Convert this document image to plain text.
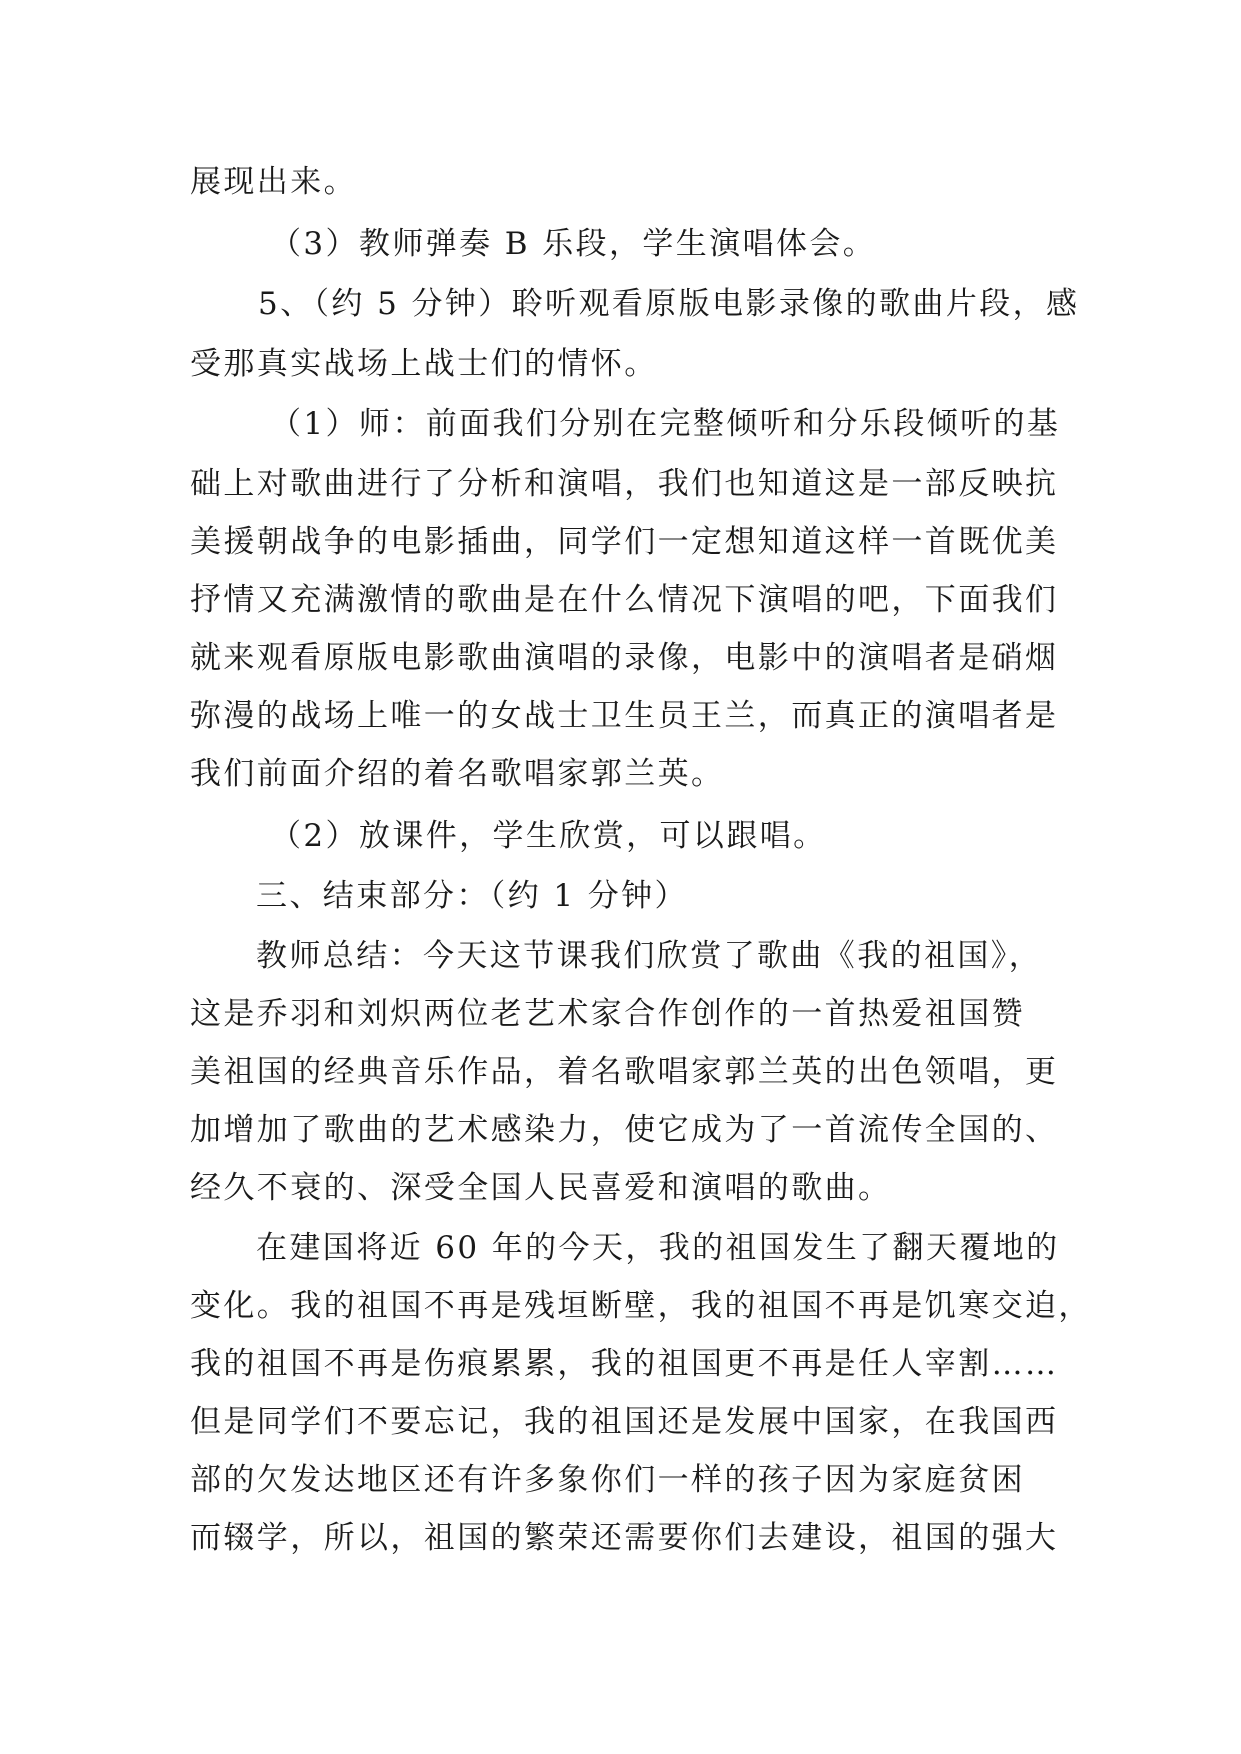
展现出来。
（3）教师弹奏 B 乐段，学生演唱体会。
5、（约 5 分钟）聆听观看原版电影录像的歌曲片段，感
受那真实战场上战士们的情怀。
（1）师：前面我们分别在完整倾听和分乐段倾听的基
础上对歌曲进行了分析和演唱，我们也知道这是一部反映抗
美援朝战争的电影插曲，同学们一定想知道这样一首既优美
抒情又充满激情的歌曲是在什么情况下演唱的吧，下面我们
就来观看原版电影歌曲演唱的录像，电影中的演唱者是硝烟
弥漫的战场上唯一的女战士卫生员王兰，而真正的演唱者是
我们前面介绍的着名歌唱家郭兰英。
（2）放课件，学生欣赏，可以跟唱。
三、结束部分：（约 1 分钟）
教师总结：今天这节课我们欣赏了歌曲《我的祖国》，
这是乔羽和刘炽两位老艺术家合作创作的一首热爱祖国赞
美祖国的经典音乐作品，着名歌唱家郭兰英的出色领唱，更
加增加了歌曲的艺术感染力，使它成为了一首流传全国的、
经久不衰的、深受全国人民喜爱和演唱的歌曲。
在建国将近 60 年的今天，我的祖国发生了翻天覆地的
变化。我的祖国不再是残垣断壁，我的祖国不再是饥寒交迫，
我的祖国不再是伤痕累累，我的祖国更不再是任人宰割……
但是同学们不要忘记，我的祖国还是发展中国家，在我国西
部的欠发达地区还有许多象你们一样的孩子因为家庭贫困
而辍学，所以，祖国的繁荣还需要你们去建设，祖国的强大
